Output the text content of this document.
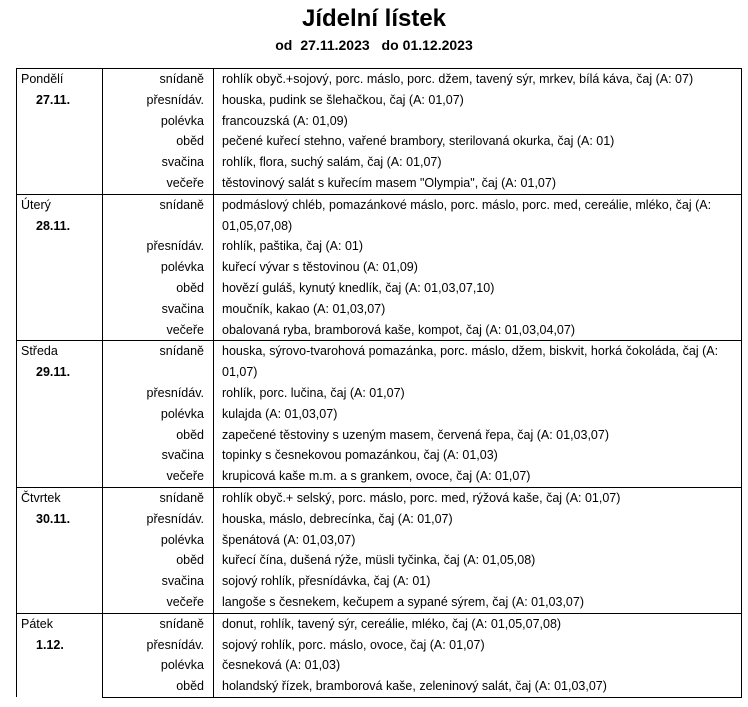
Jídelní lístek
od 27.11.2023 do 01.12.2023
Pondělí
27.11.	snídaně	rohlík obyč.+sojový, porc. máslo, porc. džem, tavený sýr, mrkev, bílá káva, čaj (A: 07)
	přesnídáv.	houska, pudink se šlehačkou, čaj (A: 01,07)
	polévka	francouzská (A: 01,09)
	oběd	pečené kuřecí stehno, vařené brambory, sterilovaná okurka, čaj (A: 01)
	svačina	rohlík, flora, suchý salám, čaj (A: 01,07)
	večeře	těstovinový salát s kuřecím masem "Olympia", čaj (A: 01,07)

Úterý
28.11.	snídaně	podmáslový chléb, pomazánkové máslo, porc. máslo, porc. med, cereálie, mléko, čaj (A: 01,05,07,08)
	přesnídáv.	rohlík, paštika, čaj (A: 01)
	polévka	kuřecí vývar s těstovinou (A: 01,09)
	oběd	hovězí guláš, kynutý knedlík, čaj (A: 01,03,07,10)
	svačina	moučník, kakao (A: 01,03,07)
	večeře	obalovaná ryba, bramborová kaše, kompot, čaj (A: 01,03,04,07)

Středa
29.11.	snídaně	houska, sýrovo-tvarohová pomazánka, porc. máslo, džem, biskvit, horká čokoláda, čaj (A: 01,07)
	přesnídáv.	rohlík, porc. lučina, čaj (A: 01,07)
	polévka	kulajda (A: 01,03,07)
	oběd	zapečené těstoviny s uzeným masem, červená řepa, čaj (A: 01,03,07)
	svačina	topinky s česnekovou pomazánkou, čaj (A: 01,03)
	večeře	krupicová kaše m.m. a s grankem, ovoce, čaj (A: 01,07)

Čtvrtek
30.11.	snídaně	rohlík obyč.+ selský, porc. máslo, porc. med, rýžová kaše, čaj (A: 01,07)
	přesnídáv.	houska, máslo, debrecínka, čaj (A: 01,07)
	polévka	špenátová (A: 01,03,07)
	oběd	kuřecí čína, dušená rýže, müsli tyčinka, čaj (A: 01,05,08)
	svačina	sojový rohlík, přesnídávka, čaj (A: 01)
	večeře	langoše s česnekem, kečupem a sypané sýrem, čaj (A: 01,03,07)

Pátek
1.12.	snídaně	donut, rohlík, tavený sýr, cereálie, mléko, čaj (A: 01,05,07,08)
	přesnídáv.	sojový rohlík, porc. máslo, ovoce, čaj (A: 01,07)
	polévka	česneková (A: 01,03)
	oběd	holandský řízek, bramborová kaše, zeleninový salát, čaj (A: 01,03,07)
